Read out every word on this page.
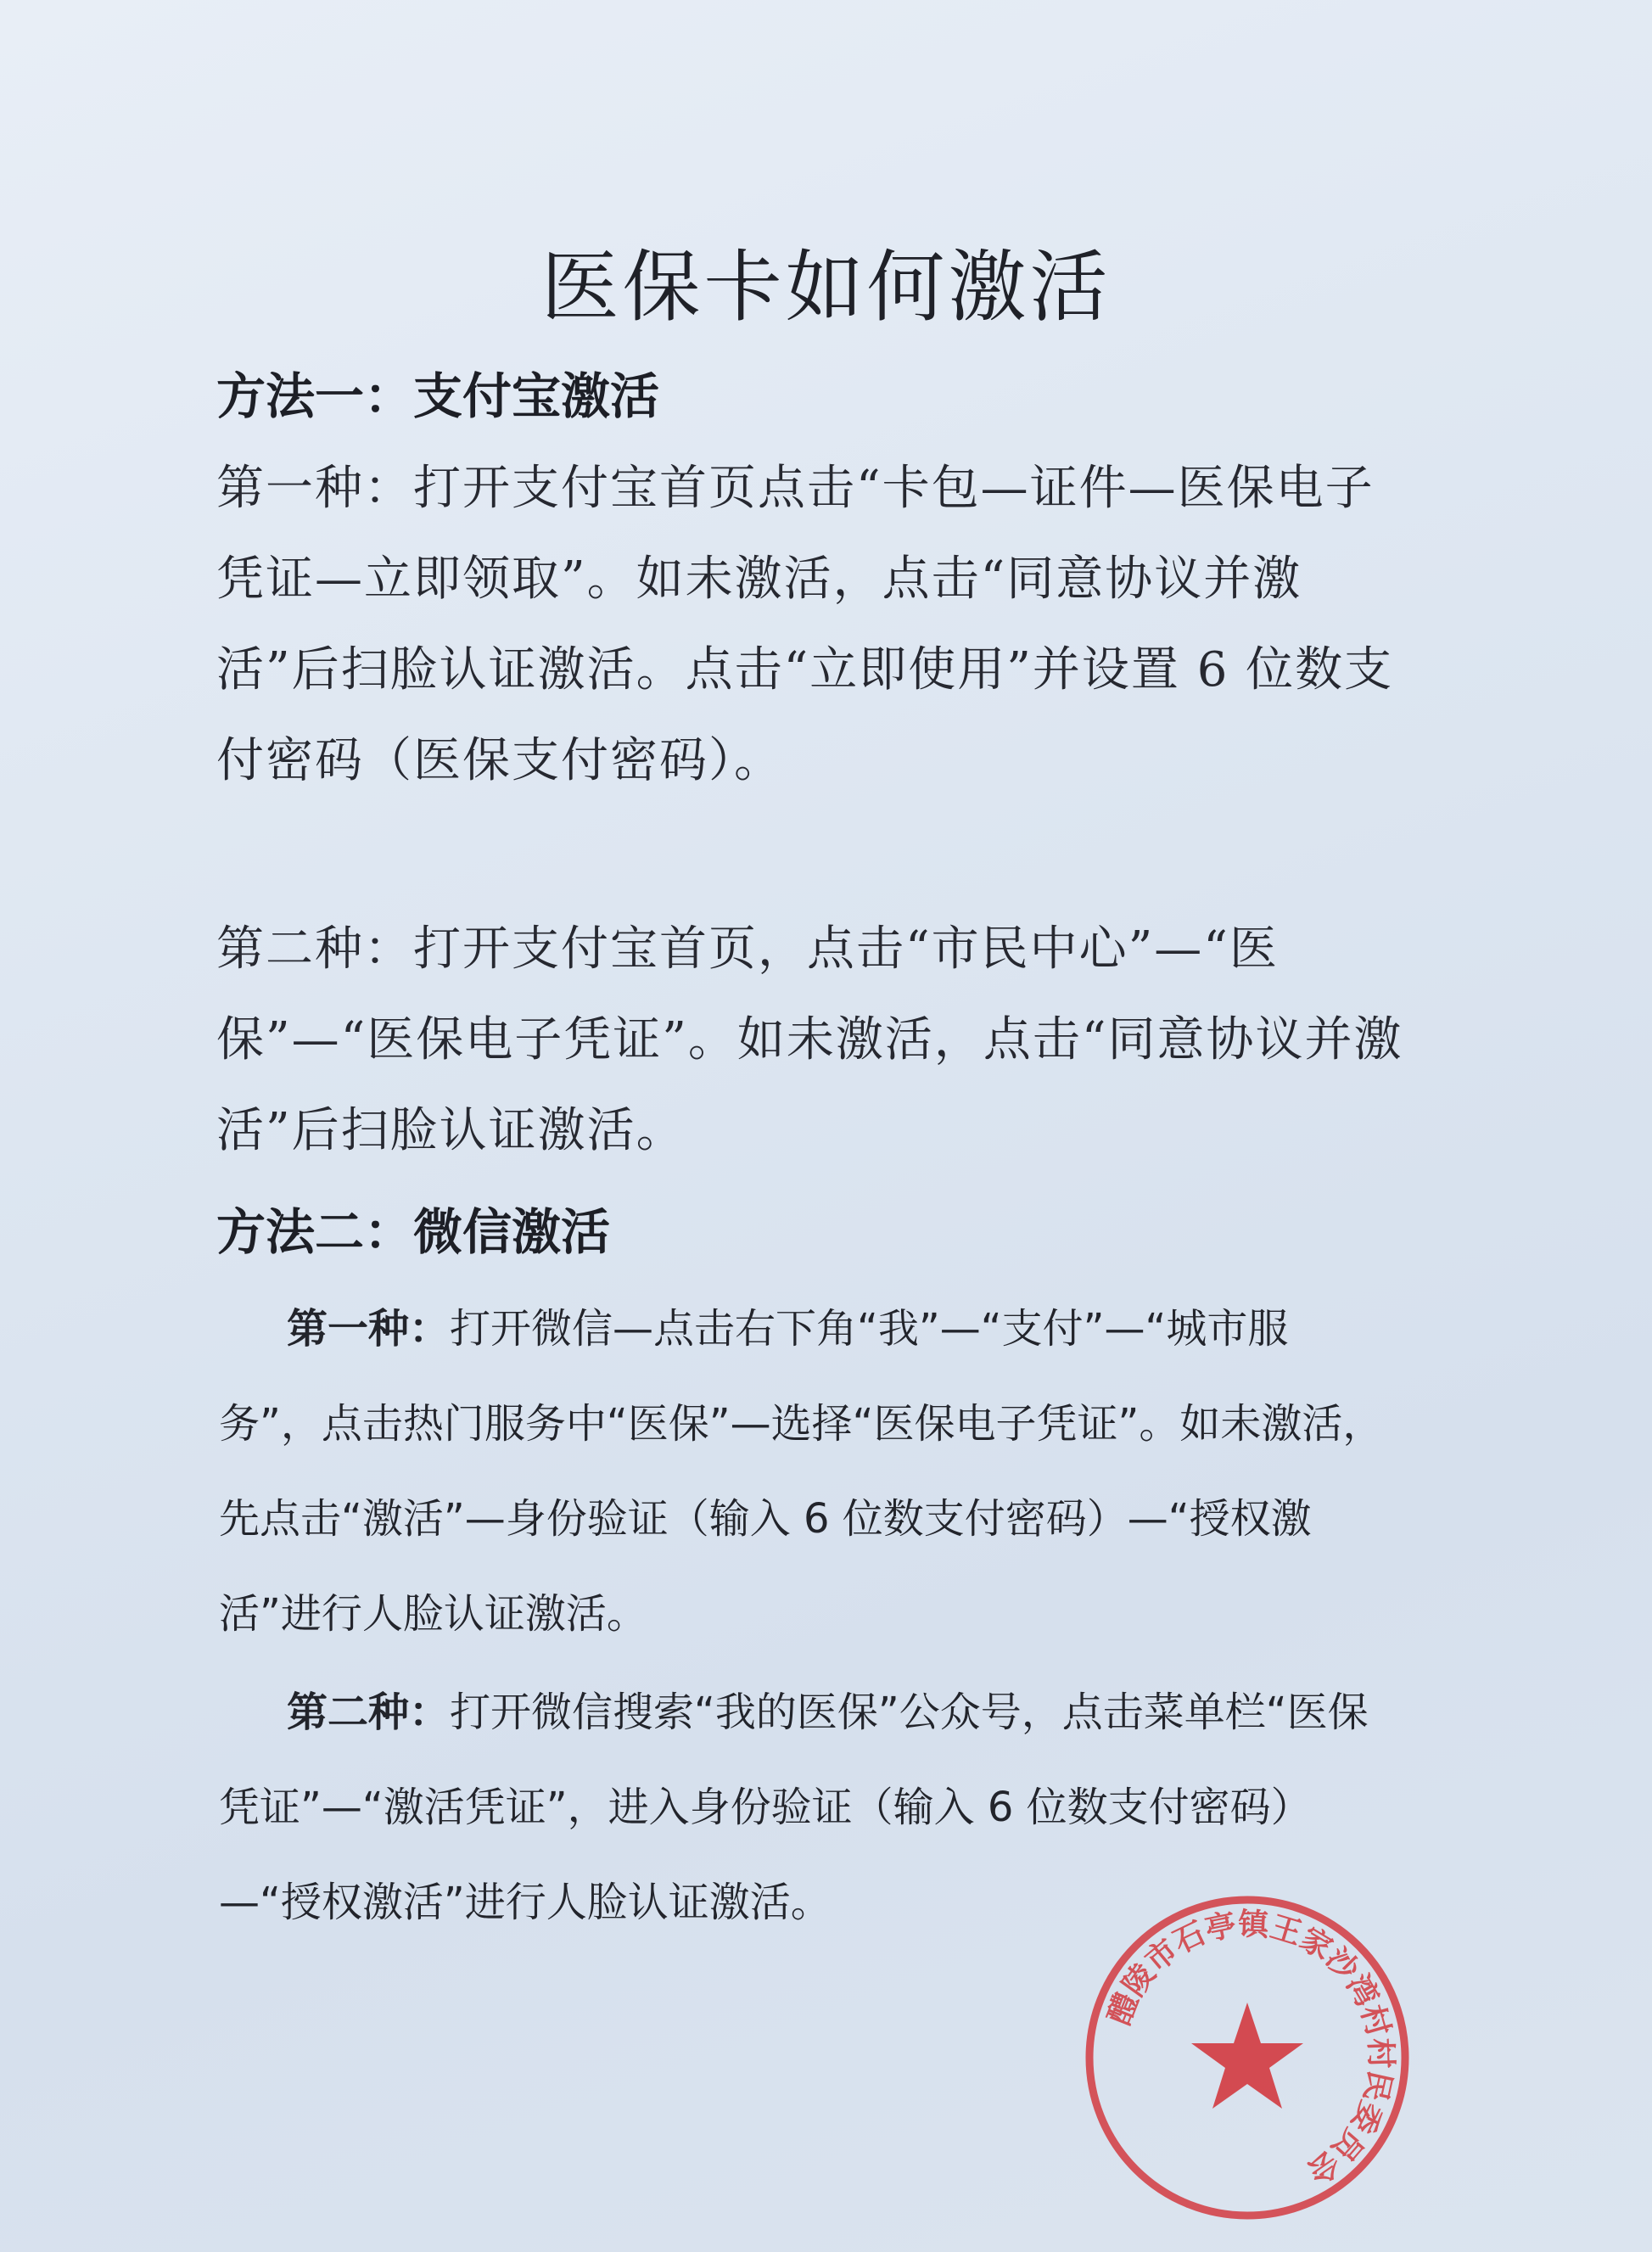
医保卡如何激活
方法一：支付宝激活
第一种：打开支付宝首页点击“卡包—证件—医保电子凭证—立即领取”。如未激活，点击“同意协议并激活”后扫脸认证激活。点击“立即使用”并设置 6 位数支付密码（医保支付密码）。
第二种：打开支付宝首页，点击“市民中心”—“医保”—“医保电子凭证”。如未激活，点击“同意协议并激活”后扫脸认证激活。
方法二：微信激活
第一种：打开微信—点击右下角“我”—“支付”—“城市服务”，点击热门服务中“医保”—选择“医保电子凭证”。如未激活，先点击“激活”—身份验证（输入 6 位数支付密码）—“授权激活”进行人脸认证激活。
第二种：打开微信搜索“我的医保”公众号，点击菜单栏“医保凭证”—“激活凭证”，进入身份验证（输入 6 位数支付密码）—“授权激活”进行人脸认证激活。
醴陵市石亭镇王家沙湾村村民委员会
